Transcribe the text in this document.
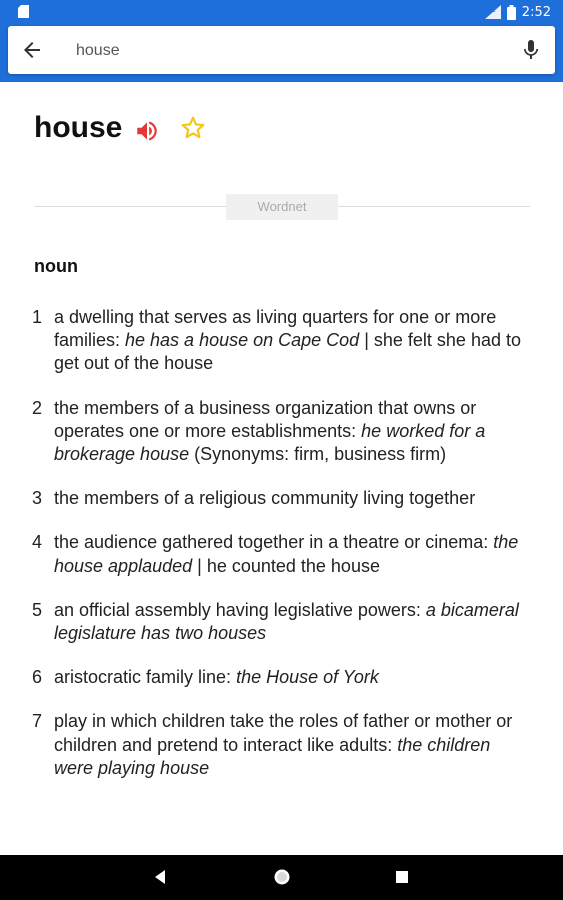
LTE 2:52
house
house
Wordnet
noun
1 a dwelling that serves as living quarters for one or more families: he has a house on Cape Cod | she felt she had to get out of the house
2 the members of a business organization that owns or operates one or more establishments: he worked for a brokerage house (Synonyms: firm, business firm)
3 the members of a religious community living together
4 the audience gathered together in a theatre or cinema: the house applauded | he counted the house
5 an official assembly having legislative powers: a bicameral legislature has two houses
6 aristocratic family line: the House of York
7 play in which children take the roles of father or mother or children and pretend to interact like adults: the children were playing house
